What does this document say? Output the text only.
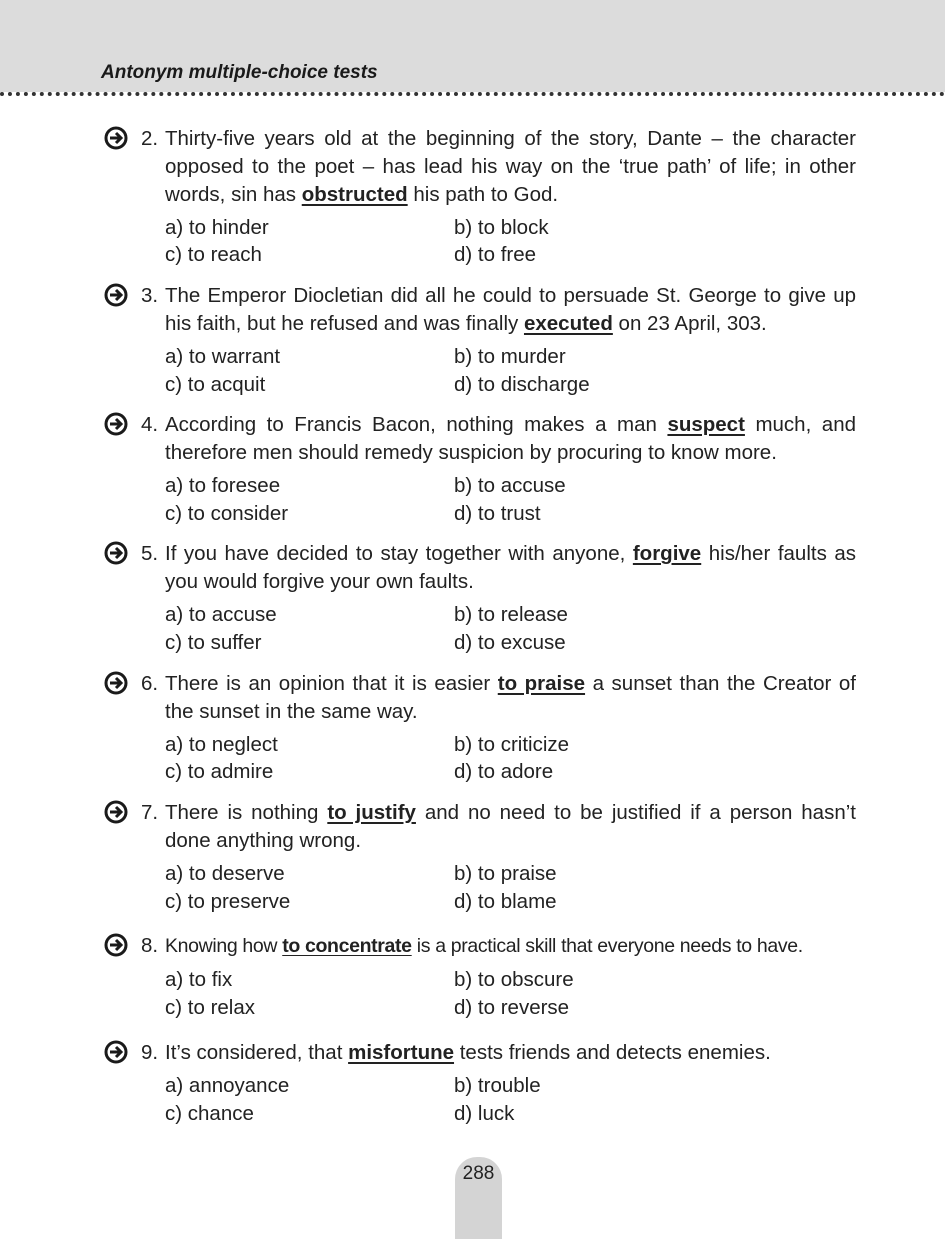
Antonym multiple-choice tests
2. Thirty-five years old at the beginning of the story, Dante – the character opposed to the poet – has lead his way on the ‘true path’ of life; in other words, sin has obstructed his path to God.
a) to hinder	b) to block
c) to reach	d) to free
3. The Emperor Diocletian did all he could to persuade St. George to give up his faith, but he refused and was finally executed on 23 April, 303.
a) to warrant	b) to murder
c) to acquit	d) to discharge
4. According to Francis Bacon, nothing makes a man suspect much, and therefore men should remedy suspicion by procuring to know more.
a) to foresee	b) to accuse
c) to consider	d) to trust
5. If you have decided to stay together with anyone, forgive his/her faults as you would forgive your own faults.
a) to accuse	b) to release
c) to suffer	d) to excuse
6. There is an opinion that it is easier to praise a sunset than the Creator of the sunset in the same way.
a) to neglect	b) to criticize
c) to admire	d) to adore
7. There is nothing to justify and no need to be justified if a person hasn’t done anything wrong.
a) to deserve	b) to praise
c) to preserve	d) to blame
8. Knowing how to concentrate is a practical skill that everyone needs to have.
a) to fix	b) to obscure
c) to relax	d) to reverse
9. It’s considered, that misfortune tests friends and detects enemies.
a) annoyance	b) trouble
c) chance	d) luck
288
